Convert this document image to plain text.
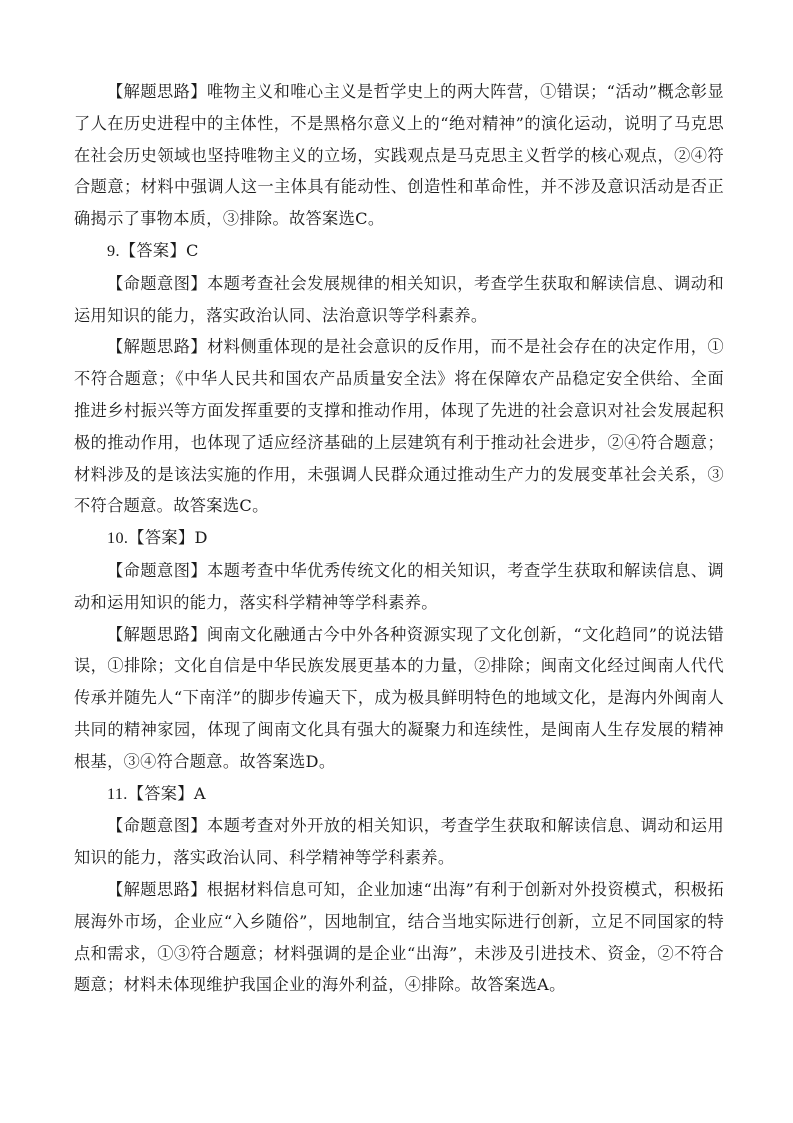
【解题思路】唯物主义和唯心主义是哲学史上的两大阵营，①错误；“活动”概念彰显了人在历史进程中的主体性，不是黑格尔意义上的“绝对精神”的演化运动，说明了马克思在社会历史领域也坚持唯物主义的立场，实践观点是马克思主义哲学的核心观点，②④符合题意；材料中强调人这一主体具有能动性、创造性和革命性，并不涉及意识活动是否正确揭示了事物本质，③排除。故答案选C。

9.【答案】C

【命题意图】本题考查社会发展规律的相关知识，考查学生获取和解读信息、调动和运用知识的能力，落实政治认同、法治意识等学科素养。

【解题思路】材料侧重体现的是社会意识的反作用，而不是社会存在的决定作用，①不符合题意；《中华人民共和国农产品质量安全法》将在保障农产品稳定安全供给、全面推进乡村振兴等方面发挥重要的支撑和推动作用，体现了先进的社会意识对社会发展起积极的推动作用，也体现了适应经济基础的上层建筑有利于推动社会进步，②④符合题意；材料涉及的是该法实施的作用，未强调人民群众通过推动生产力的发展变革社会关系，③不符合题意。故答案选C。

10.【答案】D

【命题意图】本题考查中华优秀传统文化的相关知识，考查学生获取和解读信息、调动和运用知识的能力，落实科学精神等学科素养。

【解题思路】闽南文化融通古今中外各种资源实现了文化创新，“文化趋同”的说法错误，①排除；文化自信是中华民族发展更基本的力量，②排除；闽南文化经过闽南人代代传承并随先人“下南洋”的脚步传遍天下，成为极具鲜明特色的地域文化，是海内外闽南人共同的精神家园，体现了闽南文化具有强大的凝聚力和连续性，是闽南人生存发展的精神根基，③④符合题意。故答案选D。

11.【答案】A

【命题意图】本题考查对外开放的相关知识，考查学生获取和解读信息、调动和运用知识的能力，落实政治认同、科学精神等学科素养。

【解题思路】根据材料信息可知，企业加速“出海”有利于创新对外投资模式，积极拓展海外市场，企业应“入乡随俗”，因地制宜，结合当地实际进行创新，立足不同国家的特点和需求，①③符合题意；材料强调的是企业“出海”，未涉及引进技术、资金，②不符合题意；材料未体现维护我国企业的海外利益，④排除。故答案选A。
